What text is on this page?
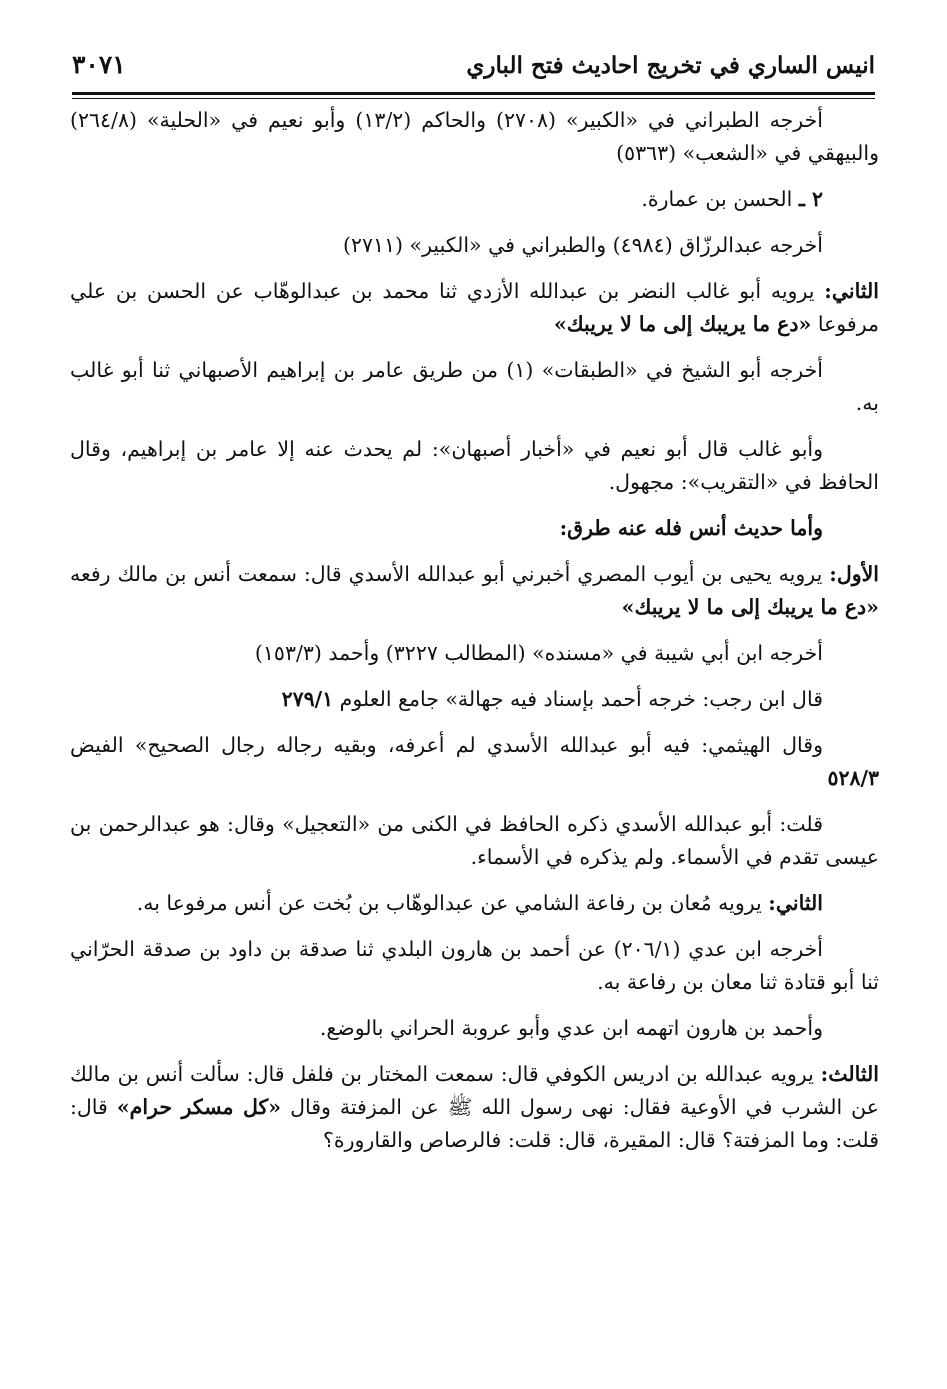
انيس الساري في تخريج احاديث فتح الباري
٣٠٧١

أخرجه الطبراني في «الكبير» (٢٧٠٨) والحاكم (١٣/٢) وأبو نعيم في «الحلية» (٢٦٤/٨) والبيهقي في «الشعب» (٥٣٦٣)

٢ ـ الحسن بن عمارة.

أخرجه عبدالرزّاق (٤٩٨٤) والطبراني في «الكبير» (٢٧١١)

الثاني: يرويه أبو غالب النضر بن عبدالله الأزدي ثنا محمد بن عبدالوهّاب عن الحسن بن علي مرفوعا «دع ما يريبك إلى ما لا يريبك»

أخرجه أبو الشيخ في «الطبقات» (١) من طريق عامر بن إبراهيم الأصبهاني ثنا أبو غالب به.

وأبو غالب قال أبو نعيم في «أخبار أصبهان»: لم يحدث عنه إلا عامر بن إبراهيم، وقال الحافظ في «التقريب»: مجهول.

وأما حديث أنس فله عنه طرق:

الأول: يرويه يحيى بن أيوب المصري أخبرني أبو عبدالله الأسدي قال: سمعت أنس بن مالك رفعه «دع ما يريبك إلى ما لا يريبك»

أخرجه ابن أبي شيبة في «مسنده» (المطالب ٣٢٢٧) وأحمد (١٥٣/٣)

قال ابن رجب: خرجه أحمد بإسناد فيه جهالة» جامع العلوم ٢٧٩/١

وقال الهيثمي: فيه أبو عبدالله الأسدي لم أعرفه، وبقيه رجاله رجال الصحيح» الفيض ٥٢٨/٣

قلت: أبو عبدالله الأسدي ذكره الحافظ في الكنى من «التعجيل» وقال: هو عبدالرحمن بن عيسى تقدم في الأسماء. ولم يذكره في الأسماء.

الثاني: يرويه مُعان بن رفاعة الشامي عن عبدالوهّاب بن بُخت عن أنس مرفوعا به.

أخرجه ابن عدي (٢٠٦/١) عن أحمد بن هارون البلدي ثنا صدقة بن داود بن صدقة الحرّاني ثنا أبو قتادة ثنا معان بن رفاعة به.

وأحمد بن هارون اتهمه ابن عدي وأبو عروبة الحراني بالوضع.

الثالث: يرويه عبدالله بن ادريس الكوفي قال: سمعت المختار بن فلفل قال: سألت أنس بن مالك عن الشرب في الأوعية فقال: نهى رسول الله ﷺ عن المزفتة وقال «كل مسكر حرام» قال: قلت: وما المزفتة؟ قال: المقيرة، قال: قلت: فالرصاص والقارورة؟
